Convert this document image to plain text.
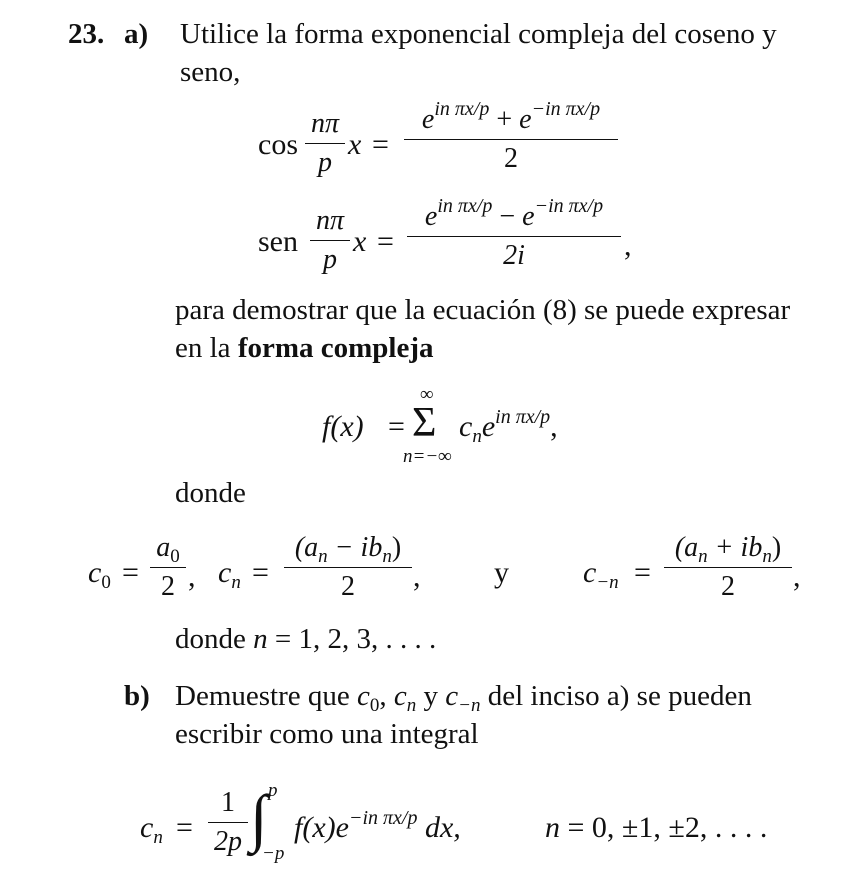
23. a) Utilice la forma exponencial compleja del coseno y
seno,
cos
nπ
p
x =
$e^{in \pi x/p} + e^{-in \pi x/p}$
2
sen
nπ
p
x =
$e^{in \pi x/p} - e^{-in \pi x/p}$
2i	,
para demostrar que la ecuación (8) se puede expresar
en la forma compleja
f(x) =
∞
Σ
n=−∞
$c_ne^{in \pi x/p}$,
donde
$c_0$ =
$a_0$
2 , $c_n$ =
$(a_n - ib_n)$
2	, y $c_{-n}$ =
$(a_n + ib_n)$
2	,
donde n = 1, 2, 3, . . . .
b) Demuestre que $c_0$, $c_n$ y $c_{-n}$ del inciso a) se pueden
escribir como una integral
$c_n$ =
1
2p
p
∫
−p
$f(x)e^{-in \pi x/p}$ dx,	n = 0, ±1, ±2, . . . .
